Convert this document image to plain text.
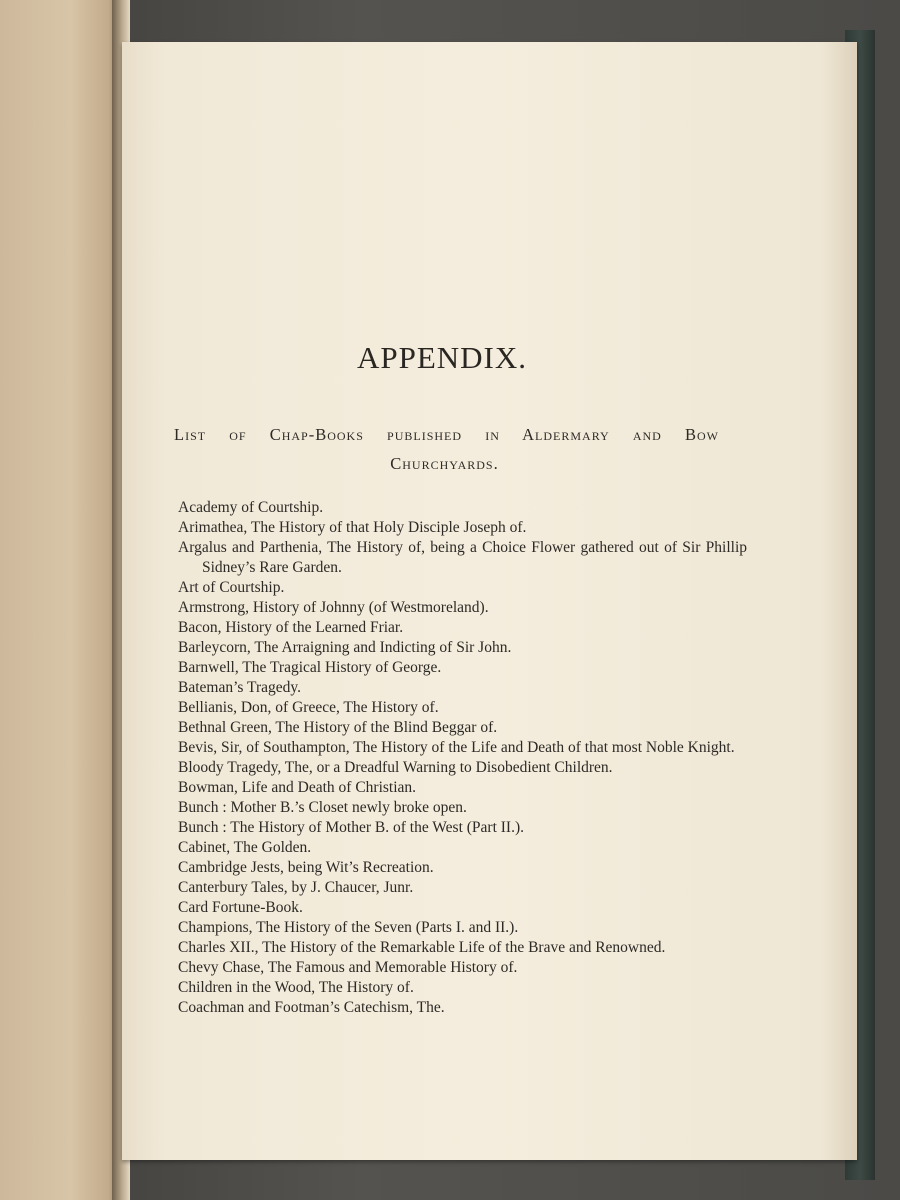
APPENDIX.
List of Chap-Books published in Aldermary and Bow
Churchyards.

Academy of Courtship.

Arimathea, The History of that Holy Disciple Joseph of.

Argalus and Parthenia, The History of, being a Choice Flower gathered out of Sir Phillip Sidney’s Rare Garden.

Art of Courtship.

Armstrong, History of Johnny (of Westmoreland).

Bacon, History of the Learned Friar.

Barleycorn, The Arraigning and Indicting of Sir John.

Barnwell, The Tragical History of George.

Bateman’s Tragedy.

Bellianis, Don, of Greece, The History of.

Bethnal Green, The History of the Blind Beggar of.

Bevis, Sir, of Southampton, The History of the Life and Death of that most Noble Knight.

Bloody Tragedy, The, or a Dreadful Warning to Disobedient Children.

Bowman, Life and Death of Christian.

Bunch : Mother B.’s Closet newly broke open.

Bunch : The History of Mother B. of the West (Part II.).

Cabinet, The Golden.

Cambridge Jests, being Wit’s Recreation.

Canterbury Tales, by J. Chaucer, Junr.

Card Fortune-Book.

Champions, The History of the Seven (Parts I. and II.).

Charles XII., The History of the Remarkable Life of the Brave and Renowned.

Chevy Chase, The Famous and Memorable History of.

Children in the Wood, The History of.

Coachman and Footman’s Catechism, The.
